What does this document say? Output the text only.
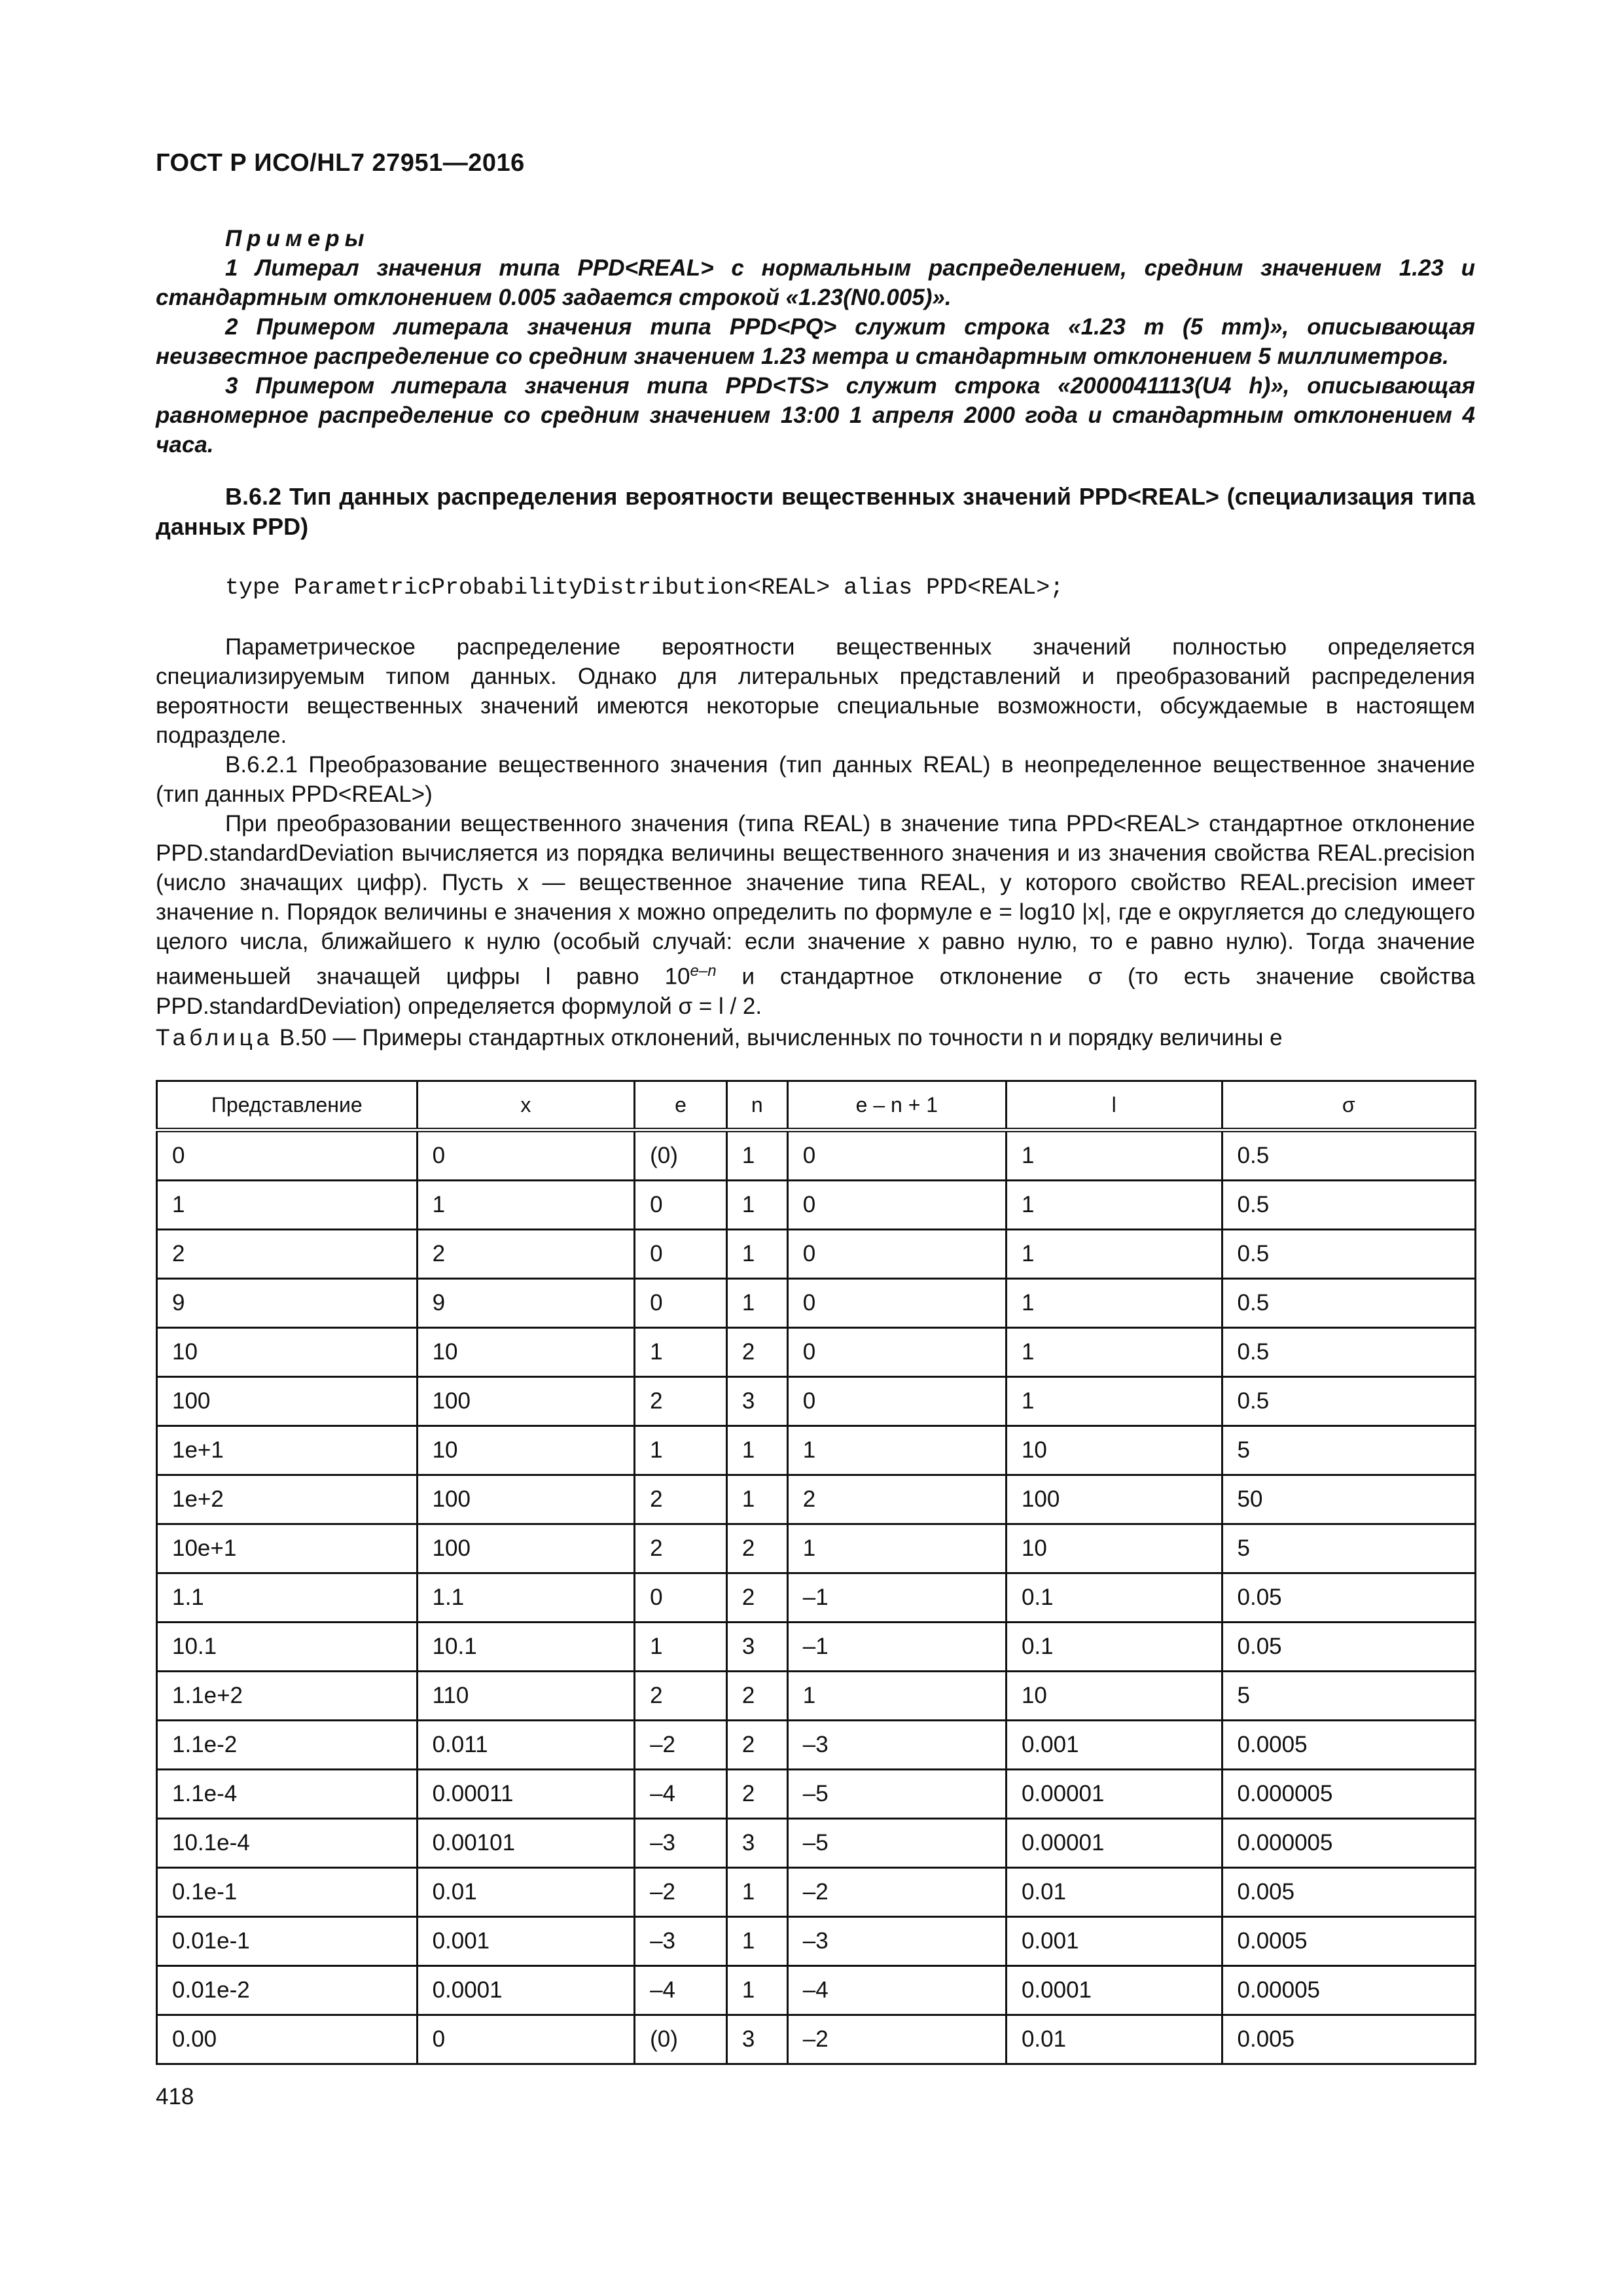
ГОСТ Р ИСО/HL7 27951—2016
Примеры
1 Литерал значения типа PPD<REAL> с нормальным распределением, средним значением 1.23 и стандартным отклонением 0.005 задается строкой «1.23(N0.005)».
2 Примером литерала значения типа PPD<PQ> служит строка «1.23 m (5 mm)», описывающая неизвестное распределение со средним значением 1.23 метра и стандартным отклонением 5 миллиметров.
3 Примером литерала значения типа PPD<TS> служит строка «2000041113(U4 h)», описывающая равномерное распределение со средним значением 13:00 1 апреля 2000 года и стандартным отклонением 4 часа.
B.6.2 Тип данных распределения вероятности вещественных значений PPD<REAL> (специализация типа данных PPD)
type ParametricProbabilityDistribution<REAL> alias PPD<REAL>;

Параметрическое распределение вероятности вещественных значений полностью определяется специализируемым типом данных. Однако для литеральных представлений и преобразований распределения вероятности вещественных значений имеются некоторые специальные возможности, обсуждаемые в настоящем подразделе.

B.6.2.1 Преобразование вещественного значения (тип данных REAL) в неопределенное вещественное значение (тип данных PPD<REAL>)

При преобразовании вещественного значения (типа REAL) в значение типа PPD<REAL> стандартное отклонение PPD.standardDeviation вычисляется из порядка величины вещественного значения и из значения свойства REAL.precision (число значащих цифр). Пусть x — вещественное значение типа REAL, у которого свойство REAL.precision имеет значение n. Порядок величины e значения x можно определить по формуле e = log10 |x|, где e округляется до следующего целого числа, ближайшего к нулю (особый случай: если значение x равно нулю, то e равно нулю). Тогда значение наименьшей значащей цифры l равно 10$^{e-n}$ и стандартное отклонение σ (то есть значение свойства PPD.standardDeviation) определяется формулой σ = l / 2.

Таблица B.50 — Примеры стандартных отклонений, вычисленных по точности n и порядку величины e
Представление	x	e	n	e – n + 1	l	σ
0	0	(0)	1	0	1	0.5
1	1	0	1	0	1	0.5
2	2	0	1	0	1	0.5
9	9	0	1	0	1	0.5
10	10	1	2	0	1	0.5
100	100	2	3	0	1	0.5
1e+1	10	1	1	1	10	5
1e+2	100	2	1	2	100	50
10e+1	100	2	2	1	10	5
1.1	1.1	0	2	–1	0.1	0.05
10.1	10.1	1	3	–1	0.1	0.05
1.1e+2	110	2	2	1	10	5
1.1e-2	0.011	–2	2	–3	0.001	0.0005
1.1e-4	0.00011	–4	2	–5	0.00001	0.000005
10.1e-4	0.00101	–3	3	–5	0.00001	0.000005
0.1e-1	0.01	–2	1	–2	0.01	0.005
0.01e-1	0.001	–3	1	–3	0.001	0.0005
0.01e-2	0.0001	–4	1	–4	0.0001	0.00005
0.00	0	(0)	3	–2	0.01	0.005
418
